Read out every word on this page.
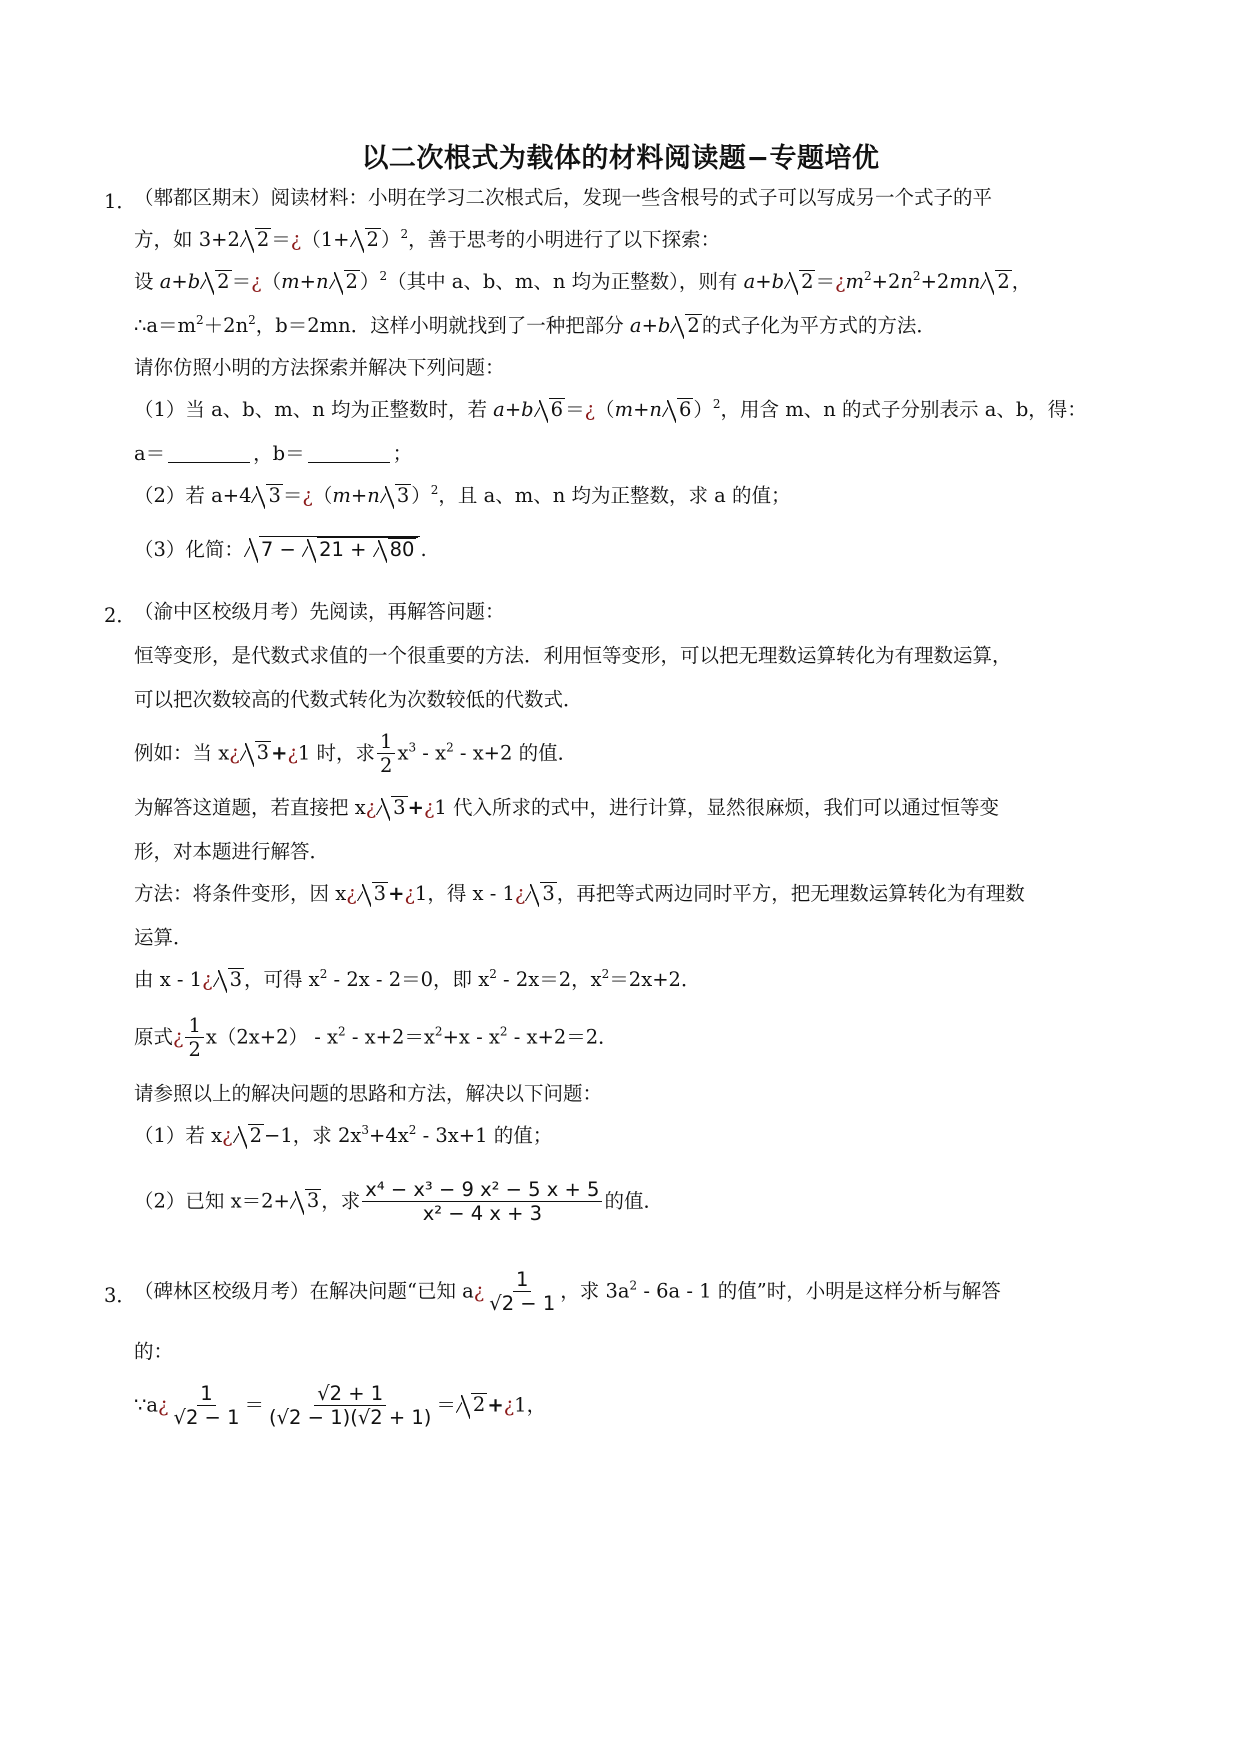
以二次根式为载体的材料阅读题−专题培优
1．
（郫都区期末）阅读材料：小明在学习二次根式后，发现一些含根号的式子可以写成另一个式子的平
方，如 3+2 2 ＝¿（1+ 2 ）$^2$，善于思考的小明进行了以下探索：
设 a+b 2 ＝¿（m+n 2 ）$^2$（其中 a、b、m、n 均为正整数），则有 a+b $2 =¿m^2+2n^2+2mn$ 2 ，
$\therefore a=m^2+2n^2$，b＝2mn．这样小明就找到了一种把部分 a+b 2 的式子化为平方式的方法．
请你仿照小明的方法探索并解决下列问题：
（1）当 a、b、m、n 均为正整数时，若 a+b 6 ＝¿（m+n 6 ）$^2$，用含 m、n 的式子分别表示 a、b，得：
a＝	，b＝	；
（2）若 a+4 3 ＝¿（m+n 3 ）$^2$，且 a、m、n 均为正整数，求 a 的值；
（3）化简： 7 − 21 + 80 .
2．
（渝中区校级月考）先阅读，再解答问题：
恒等变形，是代数式求值的一个很重要的方法．利用恒等变形，可以把无理数运算转化为有理数运算，
可以把次数较高的代数式转化为次数较低的代数式．
例如：当 x¿ 3 +¿1 时，求 $\frac{1}{2} x^3 - x^2 - x+2$ 的值．
为解答这道题，若直接把 x¿ 3 +¿1 代入所求的式中，进行计算，显然很麻烦，我们可以通过恒等变
形，对本题进行解答．
方法：将条件变形，因 x¿ 3 +¿1，得 x - 1¿ 3 ，再把等式两边同时平方，把无理数运算转化为有理数
运算．
由 x - 1¿ 3 ，可得 $x^2 - 2x - 2=0$，即 $x^2 - 2x=2$，$x^2=2x+2$．
原式¿ $\frac{1}{2} x(2x+2) - x^2 - x+2=x^2+x - x^2 - x+2=2$．
请参照以上的解决问题的思路和方法，解决以下问题：
（1）若 x¿ 2 −1，求 $2x^3+4x^2 - 3x+1$ 的值；
（2）已知 x＝2+ 3 ，求 $\frac{\text{x⁴ − x³ − 9 x² − 5 x + 5}}{\text{x² − 4 x + 3}}$ 的值．
3．
（碑林区校级月考）在解决问题“已知 a¿ $\frac{1}{√2 - 1}$ ，求 $3a^2 - 6a - 1$ 的值”时，小明是这样分析与解答
的：
∵a¿ $\frac{1}{√2 - 1} = \frac{√2 + 1}{(√2 - 1)(√2 + 1)} = 2$ +¿1，
